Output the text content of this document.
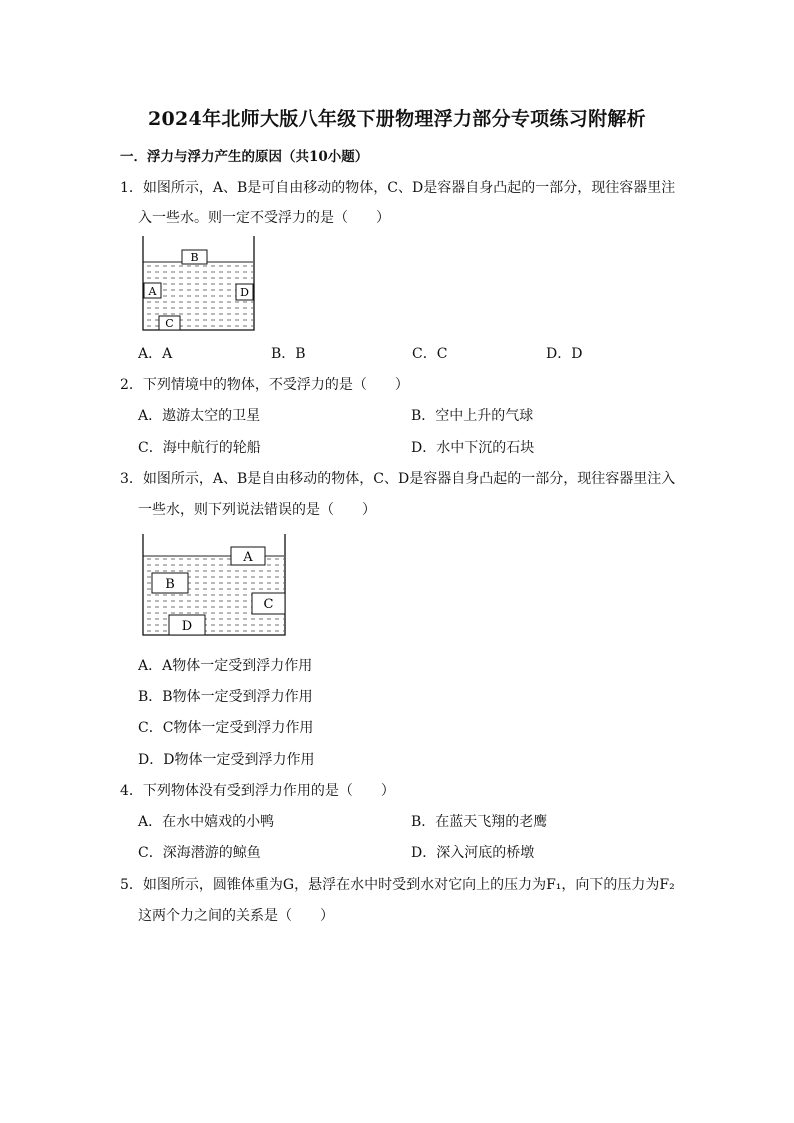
2024年北师大版八年级下册物理浮力部分专项练习附解析
一．浮力与浮力产生的原因（共10小题）
1．如图所示，A、B是可自由移动的物体，C、D是容器自身凸起的一部分，现往容器里注
入一些水。则一定不受浮力的是（　　）
B
A	D
C
A．A	B．B	C．C	D．D
2．下列情境中的物体，不受浮力的是（　　）
A．遨游太空的卫星	B．空中上升的气球
C．海中航行的轮船	D．水中下沉的石块
3．如图所示，A、B是自由移动的物体，C、D是容器自身凸起的一部分，现往容器里注入
一些水，则下列说法错误的是（　　）
A
B
C
D
A．A物体一定受到浮力作用
B．B物体一定受到浮力作用
C．C物体一定受到浮力作用
D．D物体一定受到浮力作用
4．下列物体没有受到浮力作用的是（　　）
A．在水中嬉戏的小鸭	B．在蓝天飞翔的老鹰
C．深海潜游的鲸鱼	D．深入河底的桥墩
5．如图所示，圆锥体重为G，悬浮在水中时受到水对它向上的压力为F₁，向下的压力为F₂
这两个力之间的关系是（　　）
